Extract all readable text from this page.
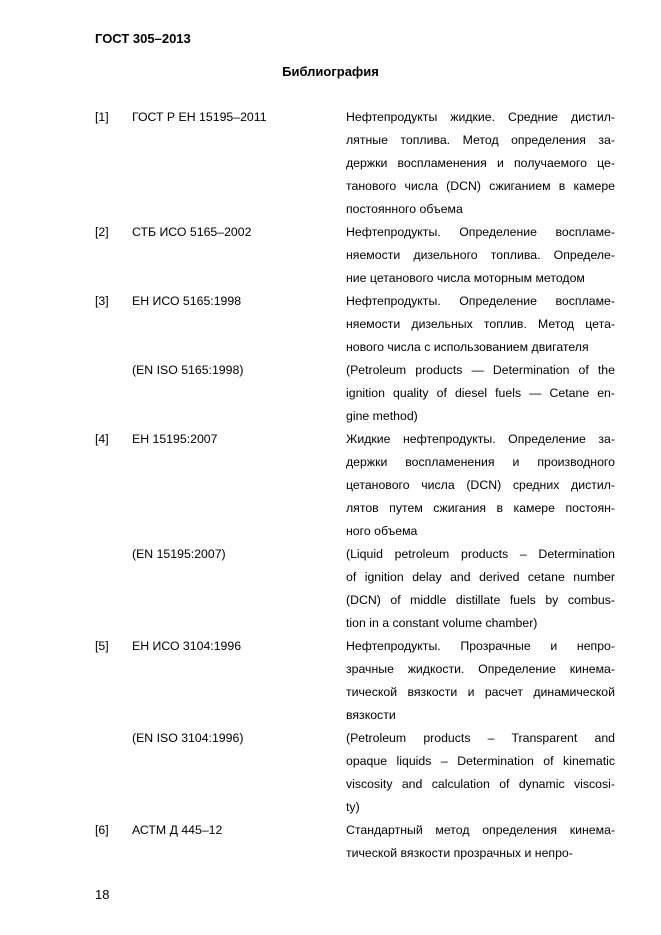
ГОСТ 305–2013
Библиография
[1]	ГОСТ Р ЕН 15195–2011	Нефтепродукты жидкие. Средние дистил-
лятные топлива. Метод определения за-
держки воспламенения и получаемого це-
танового числа (DCN) сжиганием в камере
постоянного объема
[2]	СТБ ИСО 5165–2002	Нефтепродукты. Определение воспламе-
няемости дизельного топлива. Определе-
ние цетанового числа моторным методом
[3]	ЕН ИСО 5165:1998	Нефтепродукты. Определение воспламе-
няемости дизельных топлив. Метод цета-
нового числа с использованием двигателя
(EN ISO 5165:1998)	(Petroleum products — Determination of the
ignition quality of diesel fuels — Cetane en-
gine method)
[4]	ЕН 15195:2007	Жидкие нефтепродукты. Определение за-
держки воспламенения и производного
цетанового числа (DCN) средних дистил-
лятов путем сжигания в камере постоян-
ного объема
(EN 15195:2007)	(Liquid petroleum products – Determination
of ignition delay and derived cetane number
(DCN) of middle distillate fuels by combus-
tion in a constant volume chamber)
[5]	ЕН ИСО 3104:1996	Нефтепродукты. Прозрачные и непро-
зрачные жидкости. Определение кинема-
тической вязкости и расчет динамической
вязкости
(EN ISO 3104:1996)	(Petroleum products – Transparent and
opaque liquids – Determination of kinematic
viscosity and calculation of dynamic viscosi-
ty)
[6]	АСТМ Д 445–12	Стандартный метод определения кинема-
тической вязкости прозрачных и непро-
18
